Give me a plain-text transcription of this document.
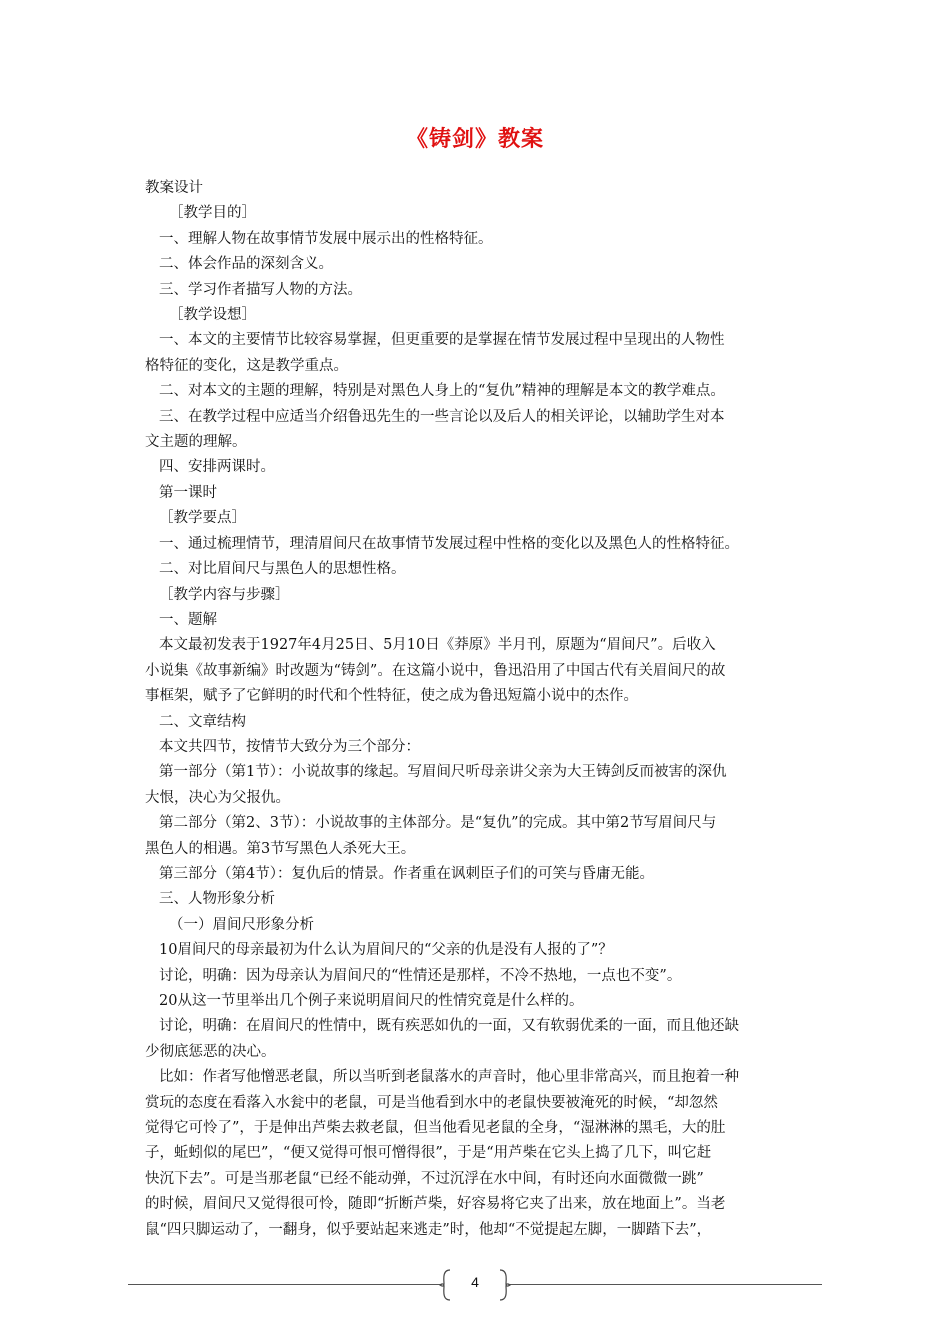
《铸剑》教案

教案设计

［教学目的］

一、理解人物在故事情节发展中展示出的性格特征。

二、体会作品的深刻含义。

三、学习作者描写人物的方法。

［教学设想］

一、本文的主要情节比较容易掌握，但更重要的是掌握在情节发展过程中呈现出的人物性

格特征的变化，这是教学重点。

二、对本文的主题的理解，特别是对黑色人身上的“复仇”精神的理解是本文的教学难点。

三、在教学过程中应适当介绍鲁迅先生的一些言论以及后人的相关评论，以辅助学生对本

文主题的理解。

四、安排两课时。

第一课时

［教学要点］

一、通过梳理情节，理清眉间尺在故事情节发展过程中性格的变化以及黑色人的性格特征。

二、对比眉间尺与黑色人的思想性格。

［教学内容与步骤］

一、题解

本文最初发表于1927年4月25日、5月10日《莽原》半月刊，原题为“眉间尺”。后收入

小说集《故事新编》时改题为“铸剑”。在这篇小说中，鲁迅沿用了中国古代有关眉间尺的故

事框架，赋予了它鲜明的时代和个性特征，使之成为鲁迅短篇小说中的杰作。

二、文章结构

本文共四节，按情节大致分为三个部分：

第一部分（第1节）：小说故事的缘起。写眉间尺听母亲讲父亲为大王铸剑反而被害的深仇

大恨，决心为父报仇。

第二部分（第2、3节）：小说故事的主体部分。是“复仇”的完成。其中第2节写眉间尺与

黑色人的相遇。第3节写黑色人杀死大王。

第三部分（第4节）：复仇后的情景。作者重在讽刺臣子们的可笑与昏庸无能。

三、人物形象分析

（一）眉间尺形象分析

10眉间尺的母亲最初为什么认为眉间尺的“父亲的仇是没有人报的了”？

讨论，明确：因为母亲认为眉间尺的“性情还是那样，不冷不热地，一点也不变”。

20从这一节里举出几个例子来说明眉间尺的性情究竟是什么样的。

讨论，明确：在眉间尺的性情中，既有疾恶如仇的一面，又有软弱优柔的一面，而且他还缺

少彻底惩恶的决心。

比如：作者写他憎恶老鼠，所以当听到老鼠落水的声音时，他心里非常高兴，而且抱着一种

赏玩的态度在看落入水瓮中的老鼠，可是当他看到水中的老鼠快要被淹死的时候，“却忽然

觉得它可怜了”，于是伸出芦柴去救老鼠，但当他看见老鼠的全身，“湿淋淋的黑毛，大的肚

子，蚯蚓似的尾巴”，“便又觉得可恨可憎得很”，于是“用芦柴在它头上捣了几下，叫它赶

快沉下去”。可是当那老鼠“已经不能动弹，不过沉浮在水中间，有时还向水面微微一跳”

的时候，眉间尺又觉得很可怜，随即“折断芦柴，好容易将它夹了出来，放在地面上”。当老

鼠“四只脚运动了，一翻身，似乎要站起来逃走”时，他却“不觉提起左脚，一脚踏下去”，

4
